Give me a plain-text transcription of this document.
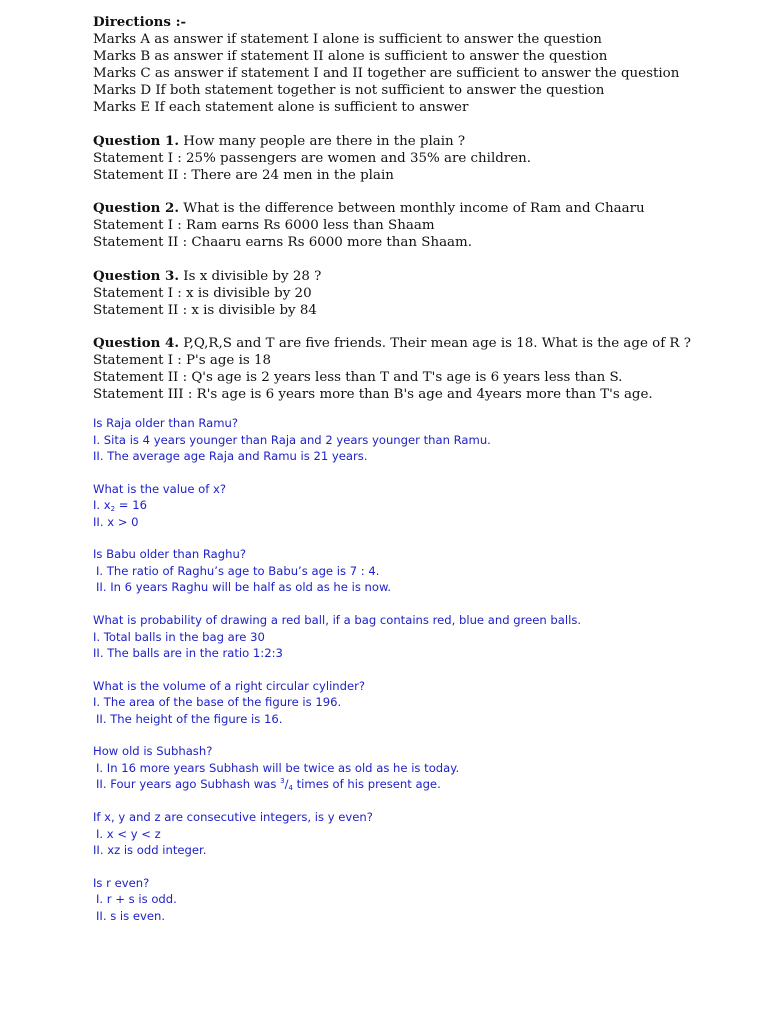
Directions :-
Marks A as answer if statement I alone is sufficient to answer the question
Marks B as answer if statement II alone is sufficient to answer the question
Marks C as answer if statement I and II together are sufficient to answer the question
Marks D If both statement together is not sufficient to answer the question
Marks E If each statement alone is sufficient to answer
Question 1. How many people are there in the plain ?
Statement I : 25% passengers are women and 35% are children.
Statement II : There are 24 men in the plain
Question 2. What is the difference between monthly income of Ram and Chaaru
Statement I : Ram earns Rs 6000 less than Shaam
Statement II : Chaaru earns Rs 6000 more than Shaam.
Question 3. Is x divisible by 28 ?
Statement I : x is divisible by 20
Statement II : x is divisible by 84
Question 4. P,Q,R,S and T are five friends. Their mean age is 18. What is the age of R ?
Statement I : P's age is 18
Statement II : Q's age is 2 years less than T and T's age is 6 years less than S.
Statement III : R's age is 6 years more than B's age and 4years more than T's age.
Is Raja older than Ramu?
I. Sita is 4 years younger than Raja and 2 years younger than Ramu.
II. The average age Raja and Ramu is 21 years.
What is the value of x?
I. $x_2 = 16$
II. x > 0
Is Babu older than Raghu?
I. The ratio of Raghu’s age to Babu’s age is 7 : 4.
II. In 6 years Raghu will be half as old as he is now.
What is probability of drawing a red ball, if a bag contains red, blue and green balls.
I. Total balls in the bag are 30
II. The balls are in the ratio 1:2:3
What is the volume of a right circular cylinder?
I. The area of the base of the figure is 196.
II. The height of the figure is 16.
How old is Subhash?
I. In 16 more years Subhash will be twice as old as he is today.
II. Four years ago Subhash was $^3/_4$ times of his present age.
If x, y and z are consecutive integers, is y even?
I. x < y < z
II. xz is odd integer.
Is r even?
I. r + s is odd.
II. s is even.
